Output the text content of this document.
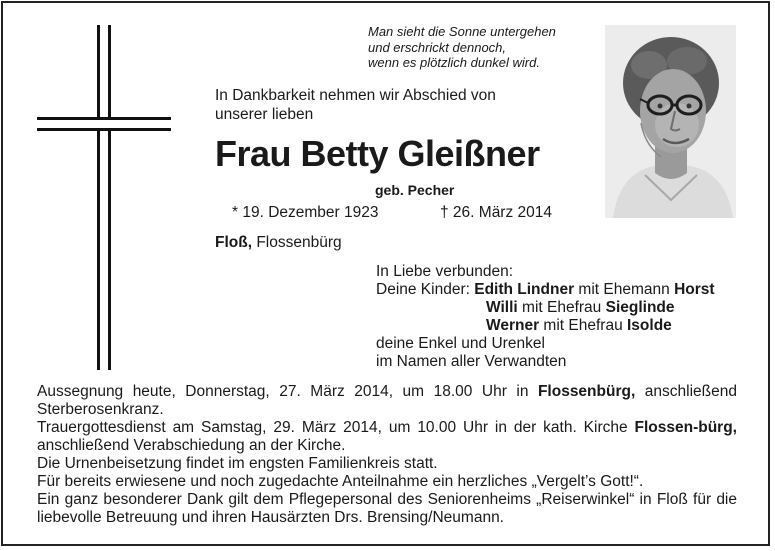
Man sieht die Sonne untergehen
und erschrickt dennoch,
wenn es plötzlich dunkel wird.
In Dankbarkeit nehmen wir Abschied von
unserer lieben
Frau Betty Gleißner
geb. Pecher
* 19. Dezember 1923	† 26. März 2014
Floß, Flossenbürg
In Liebe verbunden:
Deine Kinder: Edith Lindner mit Ehemann Horst
Willi mit Ehefrau Sieglinde
Werner mit Ehefrau Isolde
deine Enkel und Urenkel
im Namen aller Verwandten

Aussegnung heute, Donnerstag, 27. März 2014, um 18.00 Uhr in Flossenbürg, anschließend Sterberosenkranz.

Trauergottesdienst am Samstag, 29. März 2014, um 10.00 Uhr in der kath. Kirche Flossen-bürg, anschließend Verabschiedung an der Kirche.

Die Urnenbeisetzung findet im engsten Familienkreis statt.

Für bereits erwiesene und noch zugedachte Anteilnahme ein herzliches „Vergelt’s Gott!“.

Ein ganz besonderer Dank gilt dem Pflegepersonal des Seniorenheims „Reiserwinkel“ in Floß für die liebevolle Betreuung und ihren Hausärzten Drs. Brensing/Neumann.
